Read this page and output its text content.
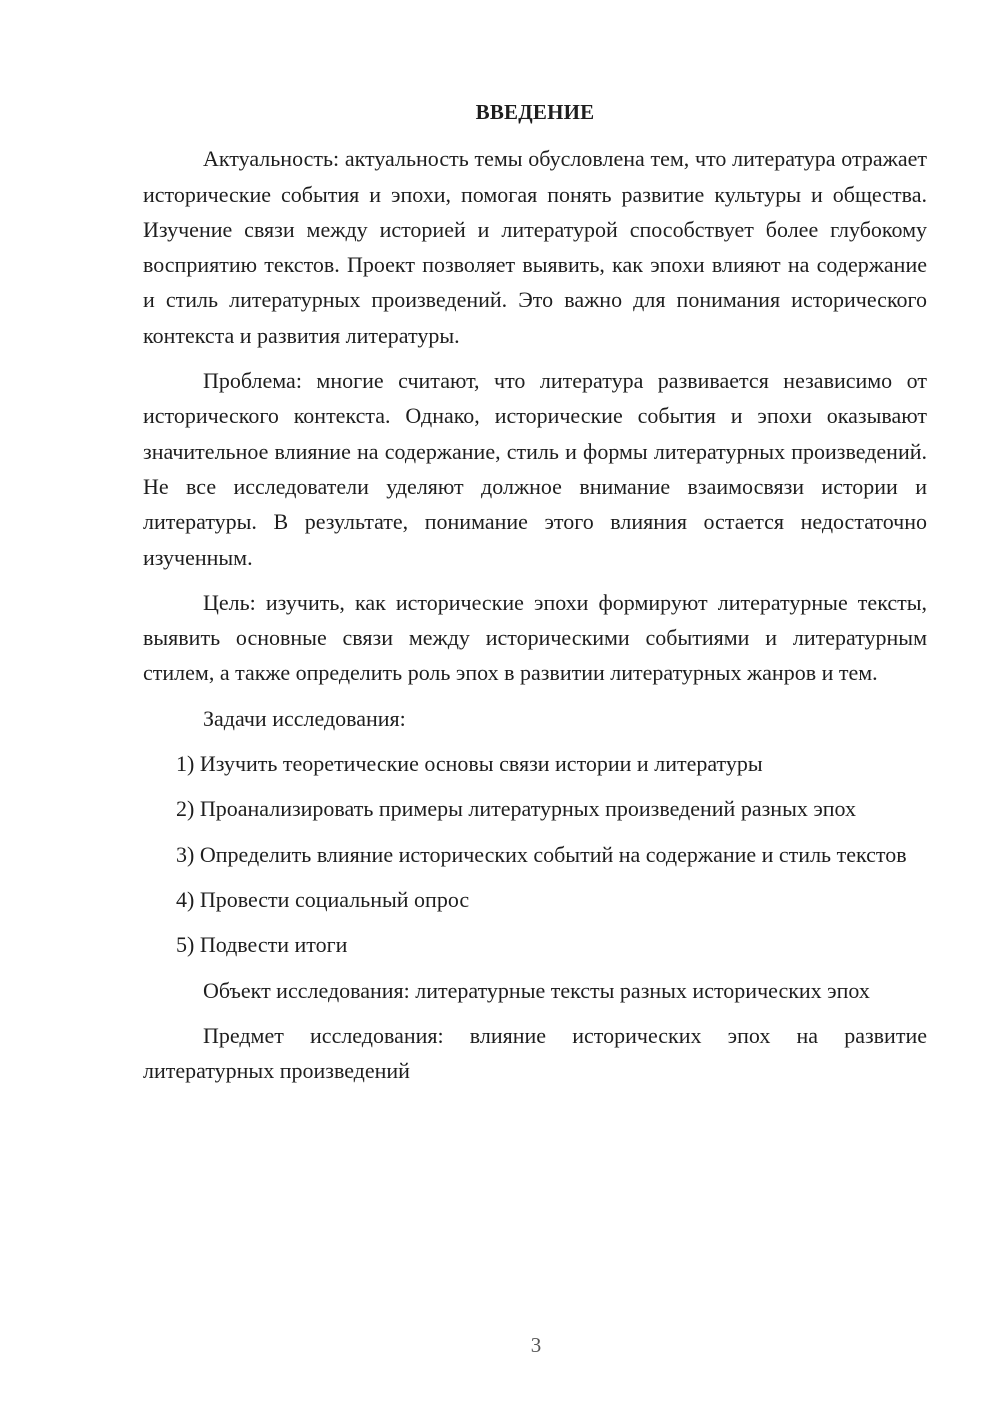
ВВЕДЕНИЕ

Актуальность: актуальность темы обусловлена тем, что литература отражает исторические события и эпохи, помогая понять развитие культуры и общества. Изучение связи между историей и литературой способствует более глубокому восприятию текстов. Проект позволяет выявить, как эпохи влияют на содержание и стиль литературных произведений. Это важно для понимания исторического контекста и развития литературы.

Проблема: многие считают, что литература развивается независимо от исторического контекста. Однако, исторические события и эпохи оказывают значительное влияние на содержание, стиль и формы литературных произведений. Не все исследователи уделяют должное внимание взаимосвязи истории и литературы. В результате, понимание этого влияния остается недостаточно изученным.

Цель: изучить, как исторические эпохи формируют литературные тексты, выявить основные связи между историческими событиями и литературным стилем, а также определить роль эпох в развитии литературных жанров и тем.

Задачи исследования:

1) Изучить теоретические основы связи истории и литературы

2) Проанализировать примеры литературных произведений разных эпох

3) Определить влияние исторических событий на содержание и стиль текстов

4) Провести социальный опрос

5) Подвести итоги

Объект исследования: литературные тексты разных исторических эпох

Предмет исследования: влияние исторических эпох на развитие литературных произведений

3
